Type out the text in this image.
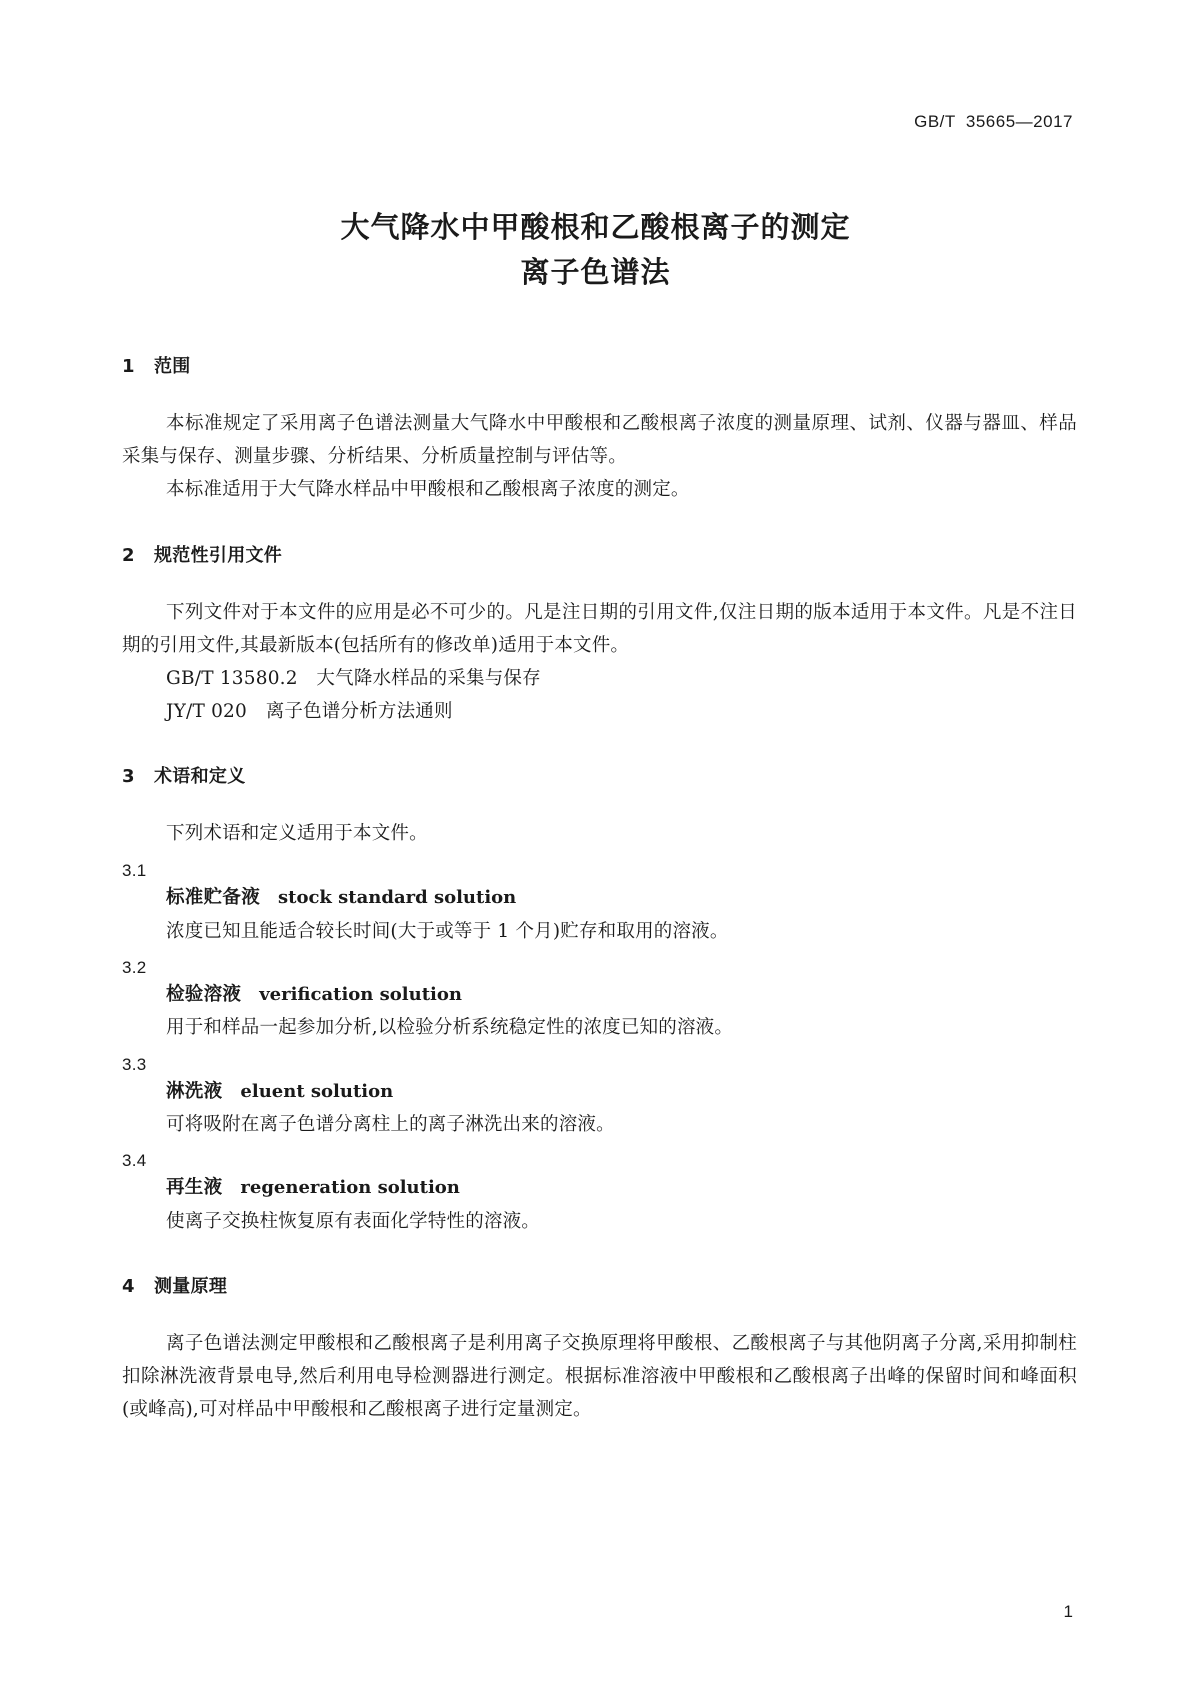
GB/T  35665—2017
大气降水中甲酸根和乙酸根离子的测定
离子色谱法
1 范围

本标准规定了采用离子色谱法测量大气降水中甲酸根和乙酸根离子浓度的测量原理、试剂、仪器与器皿、样品采集与保存、测量步骤、分析结果、分析质量控制与评估等。

本标准适用于大气降水样品中甲酸根和乙酸根离子浓度的测定。

2 规范性引用文件

下列文件对于本文件的应用是必不可少的。凡是注日期的引用文件,仅注日期的版本适用于本文件。凡是不注日期的引用文件,其最新版本(包括所有的修改单)适用于本文件。

GB/T 13580.2　大气降水样品的采集与保存

JY/T 020　离子色谱分析方法通则

3 术语和定义

下列术语和定义适用于本文件。

3.1

标准贮备液 stock standard solution

浓度已知且能适合较长时间(大于或等于 1 个月)贮存和取用的溶液。

3.2

检验溶液 verification solution

用于和样品一起参加分析,以检验分析系统稳定性的浓度已知的溶液。

3.3

淋洗液 eluent solution

可将吸附在离子色谱分离柱上的离子淋洗出来的溶液。

3.4

再生液 regeneration solution

使离子交换柱恢复原有表面化学特性的溶液。

4 测量原理

离子色谱法测定甲酸根和乙酸根离子是利用离子交换原理将甲酸根、乙酸根离子与其他阴离子分离,采用抑制柱扣除淋洗液背景电导,然后利用电导检测器进行测定。根据标准溶液中甲酸根和乙酸根离子出峰的保留时间和峰面积(或峰高),可对样品中甲酸根和乙酸根离子进行定量测定。

1
